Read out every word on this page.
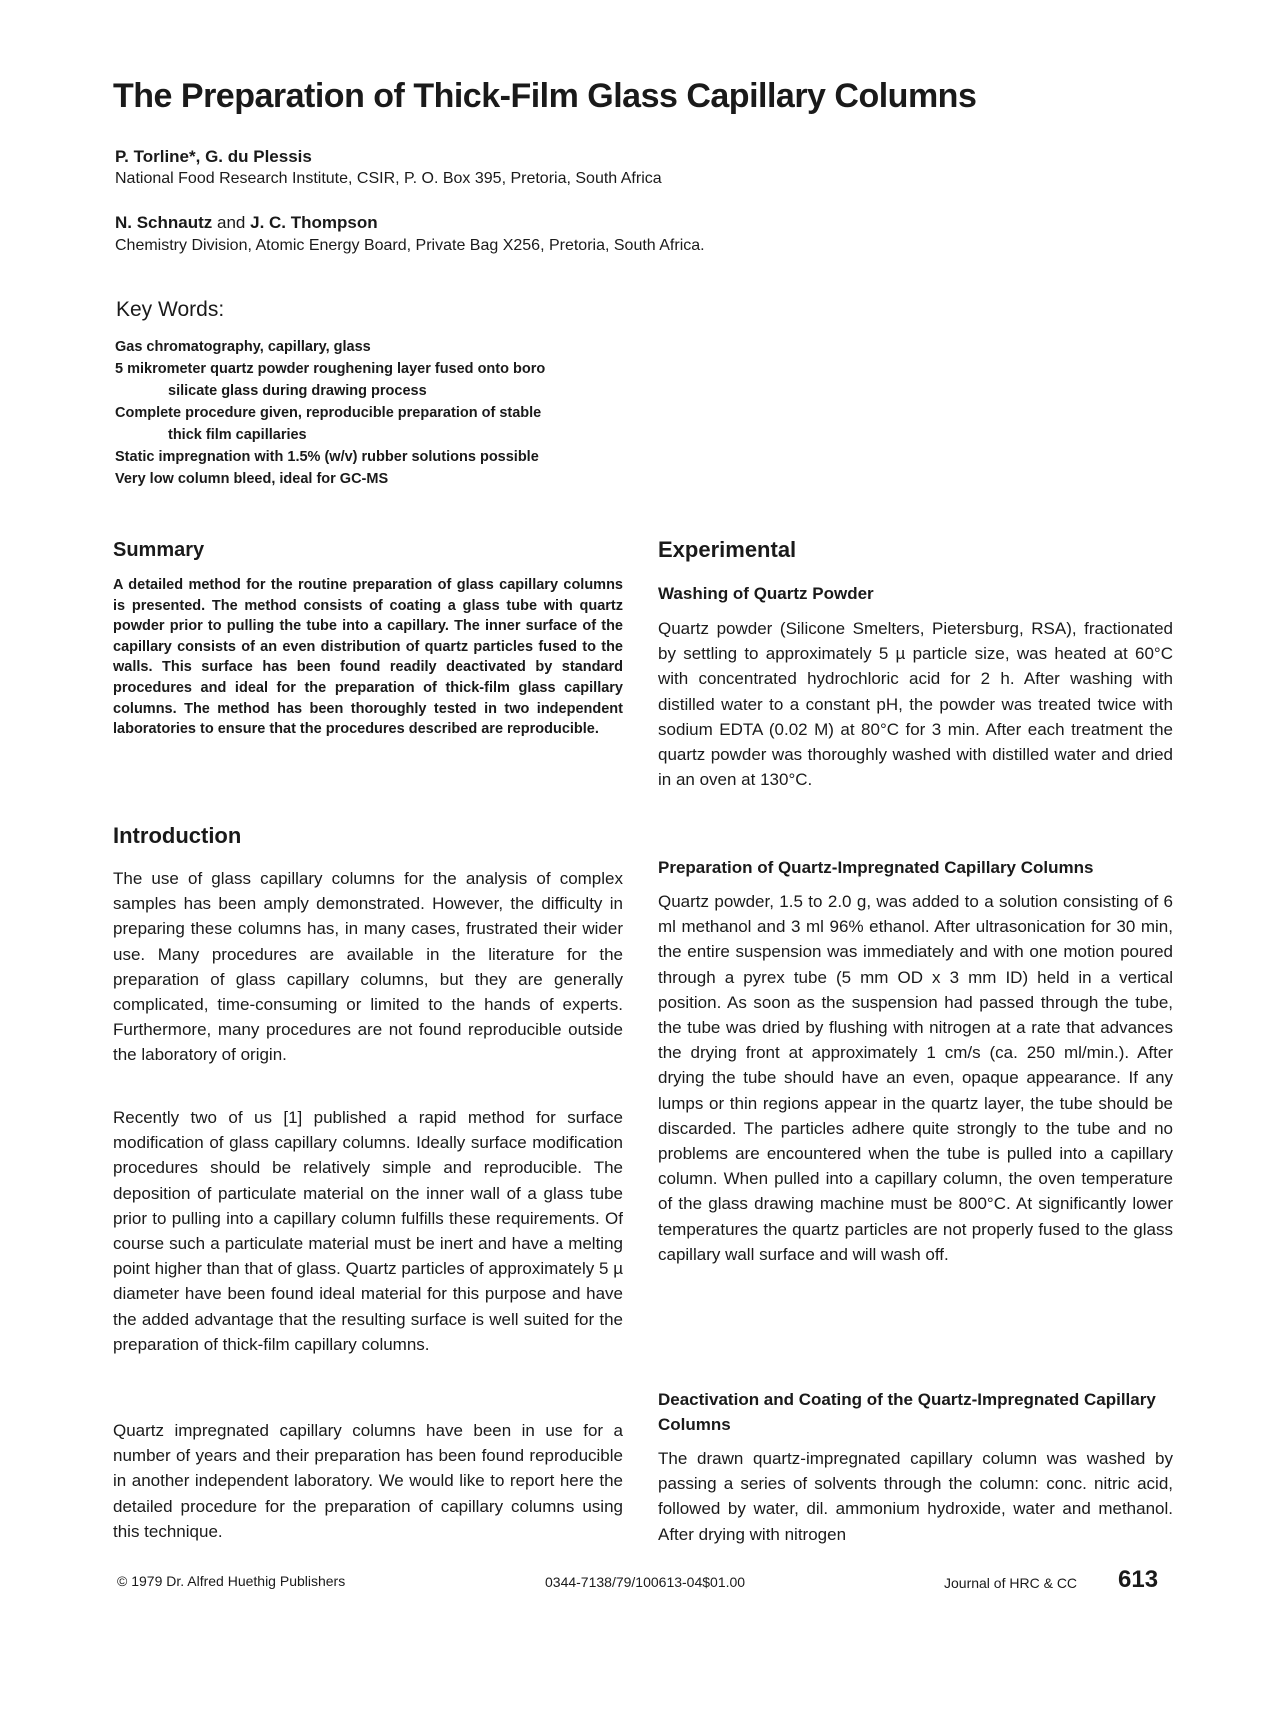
The Preparation of Thick-Film Glass Capillary Columns
P. Torline*, G. du Plessis
National Food Research Institute, CSIR, P. O. Box 395, Pretoria, South Africa
N. Schnautz and J. C. Thompson
Chemistry Division, Atomic Energy Board, Private Bag X256, Pretoria, South Africa.
Key Words:
Gas chromatography, capillary, glass
5 mikrometer quartz powder roughening layer fused onto boro
silicate glass during drawing process
Complete procedure given, reproducible preparation of stable
thick film capillaries
Static impregnation with 1.5% (w/v) rubber solutions possible
Very low column bleed, ideal for GC-MS
Summary

A detailed method for the routine preparation of glass capillary columns is presented. The method consists of coating a glass tube with quartz powder prior to pulling the tube into a capillary. The inner surface of the capillary consists of an even distribution of quartz particles fused to the walls. This surface has been found readily deactivated by standard procedures and ideal for the preparation of thick-film glass capillary columns. The method has been thoroughly tested in two independent laboratories to ensure that the procedures described are reproducible.

Introduction

The use of glass capillary columns for the analysis of complex samples has been amply demonstrated. However, the difficulty in preparing these columns has, in many cases, frustrated their wider use. Many procedures are available in the literature for the preparation of glass capillary columns, but they are generally complicated, time-consuming or limited to the hands of experts. Furthermore, many procedures are not found reproducible outside the laboratory of origin.

Recently two of us [1] published a rapid method for surface modification of glass capillary columns. Ideally surface modification procedures should be relatively simple and reproducible. The deposition of particulate material on the inner wall of a glass tube prior to pulling into a capillary column fulfills these requirements. Of course such a particulate material must be inert and have a melting point higher than that of glass. Quartz particles of approximately 5 µ diameter have been found ideal material for this purpose and have the added advantage that the resulting surface is well suited for the preparation of thick-film capillary columns.

Quartz impregnated capillary columns have been in use for a number of years and their preparation has been found reproducible in another independent laboratory. We would like to report here the detailed procedure for the preparation of capillary columns using this technique.

Experimental
Washing of Quartz Powder

Quartz powder (Silicone Smelters, Pietersburg, RSA), fractionated by settling to approximately 5 µ particle size, was heated at 60°C with concentrated hydrochloric acid for 2 h. After washing with distilled water to a constant pH, the powder was treated twice with sodium EDTA (0.02 M) at 80°C for 3 min. After each treatment the quartz powder was thoroughly washed with distilled water and dried in an oven at 130°C.

Preparation of Quartz-Impregnated Capillary Columns

Quartz powder, 1.5 to 2.0 g, was added to a solution consisting of 6 ml methanol and 3 ml 96% ethanol. After ultrasonication for 30 min, the entire suspension was immediately and with one motion poured through a pyrex tube (5 mm OD x 3 mm ID) held in a vertical position. As soon as the suspension had passed through the tube, the tube was dried by flushing with nitrogen at a rate that advances the drying front at approximately 1 cm/s (ca. 250 ml/min.). After drying the tube should have an even, opaque appearance. If any lumps or thin regions appear in the quartz layer, the tube should be discarded. The particles adhere quite strongly to the tube and no problems are encountered when the tube is pulled into a capillary column. When pulled into a capillary column, the oven temperature of the glass drawing machine must be 800°C. At significantly lower temperatures the quartz particles are not properly fused to the glass capillary wall surface and will wash off.

Deactivation and Coating of the Quartz-Impregnated Capillary Columns

The drawn quartz-impregnated capillary column was washed by passing a series of solvents through the column: conc. nitric acid, followed by water, dil. ammonium hydroxide, water and methanol. After drying with nitrogen

© 1979 Dr. Alfred Huethig Publishers	0344-7138/79/100613-04$01.00	Journal of HRC & CC 613
